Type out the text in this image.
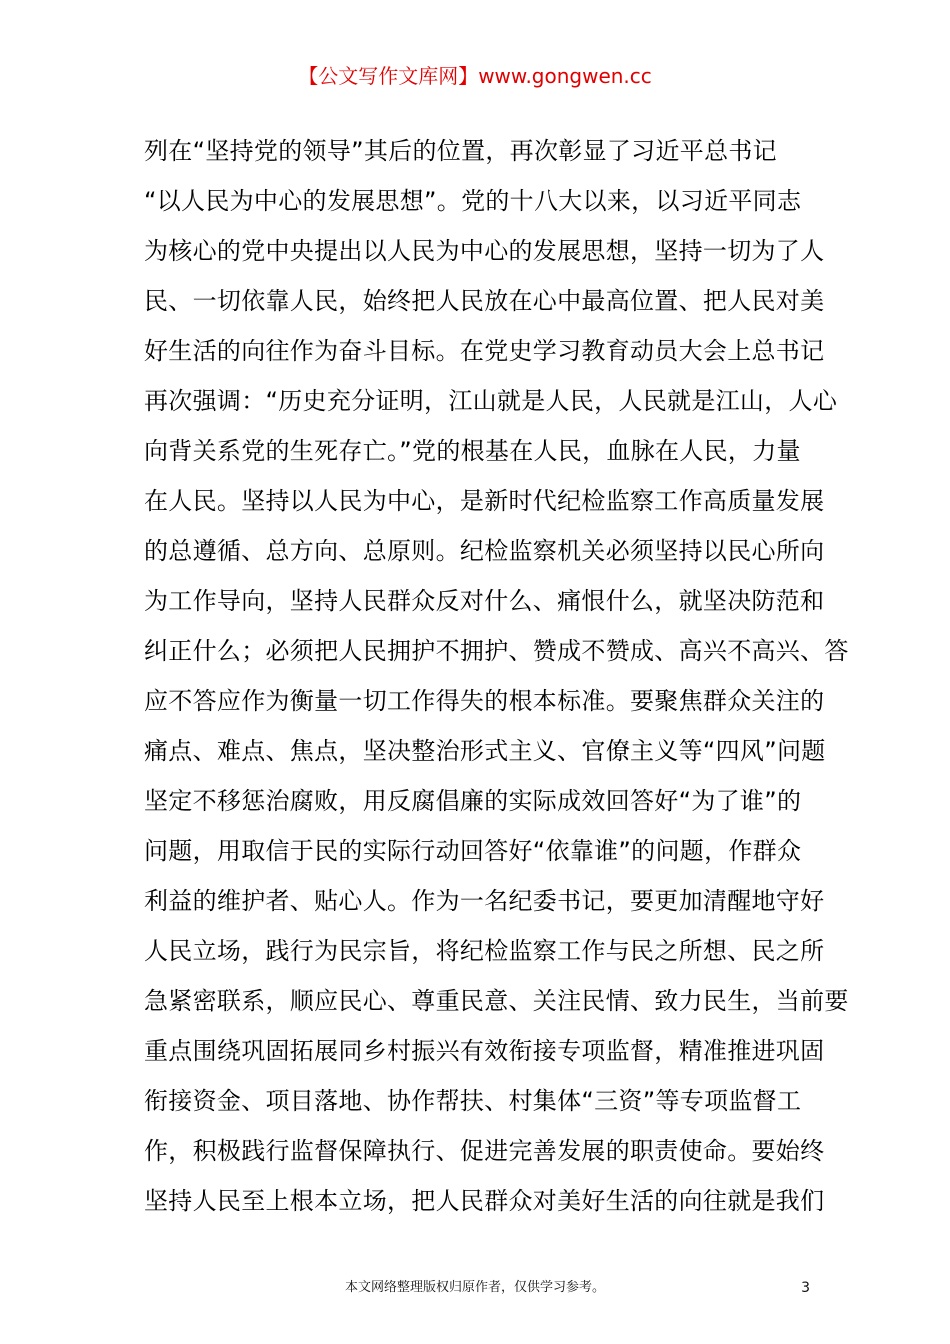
【公文写作文库网】www.gongwen.cc
列在“坚持党的领导”其后的位置，再次彰显了习近平总书记
“以人民为中心的发展思想”。党的十八大以来，以习近平同志
为核心的党中央提出以人民为中心的发展思想，坚持一切为了人
民、一切依靠人民，始终把人民放在心中最高位置、把人民对美
好生活的向往作为奋斗目标。在党史学习教育动员大会上总书记
再次强调：“历史充分证明，江山就是人民，人民就是江山，人心
向背关系党的生死存亡。”党的根基在人民，血脉在人民，力量
在人民。坚持以人民为中心，是新时代纪检监察工作高质量发展
的总遵循、总方向、总原则。纪检监察机关必须坚持以民心所向
为工作导向，坚持人民群众反对什么、痛恨什么，就坚决防范和
纠正什么；必须把人民拥护不拥护、赞成不赞成、高兴不高兴、答
应不答应作为衡量一切工作得失的根本标准。要聚焦群众关注的
痛点、难点、焦点，坚决整治形式主义、官僚主义等“四风”问题
坚定不移惩治腐败，用反腐倡廉的实际成效回答好“为了谁”的
问题，用取信于民的实际行动回答好“依靠谁”的问题，作群众
利益的维护者、贴心人。作为一名纪委书记，要更加清醒地守好
人民立场，践行为民宗旨，将纪检监察工作与民之所想、民之所
急紧密联系，顺应民心、尊重民意、关注民情、致力民生，当前要
重点围绕巩固拓展同乡村振兴有效衔接专项监督，精准推进巩固
衔接资金、项目落地、协作帮扶、村集体“三资”等专项监督工
作，积极践行监督保障执行、促进完善发展的职责使命。要始终
坚持人民至上根本立场，把人民群众对美好生活的向往就是我们
本文网络整理版权归原作者，仅供学习参考。	3
